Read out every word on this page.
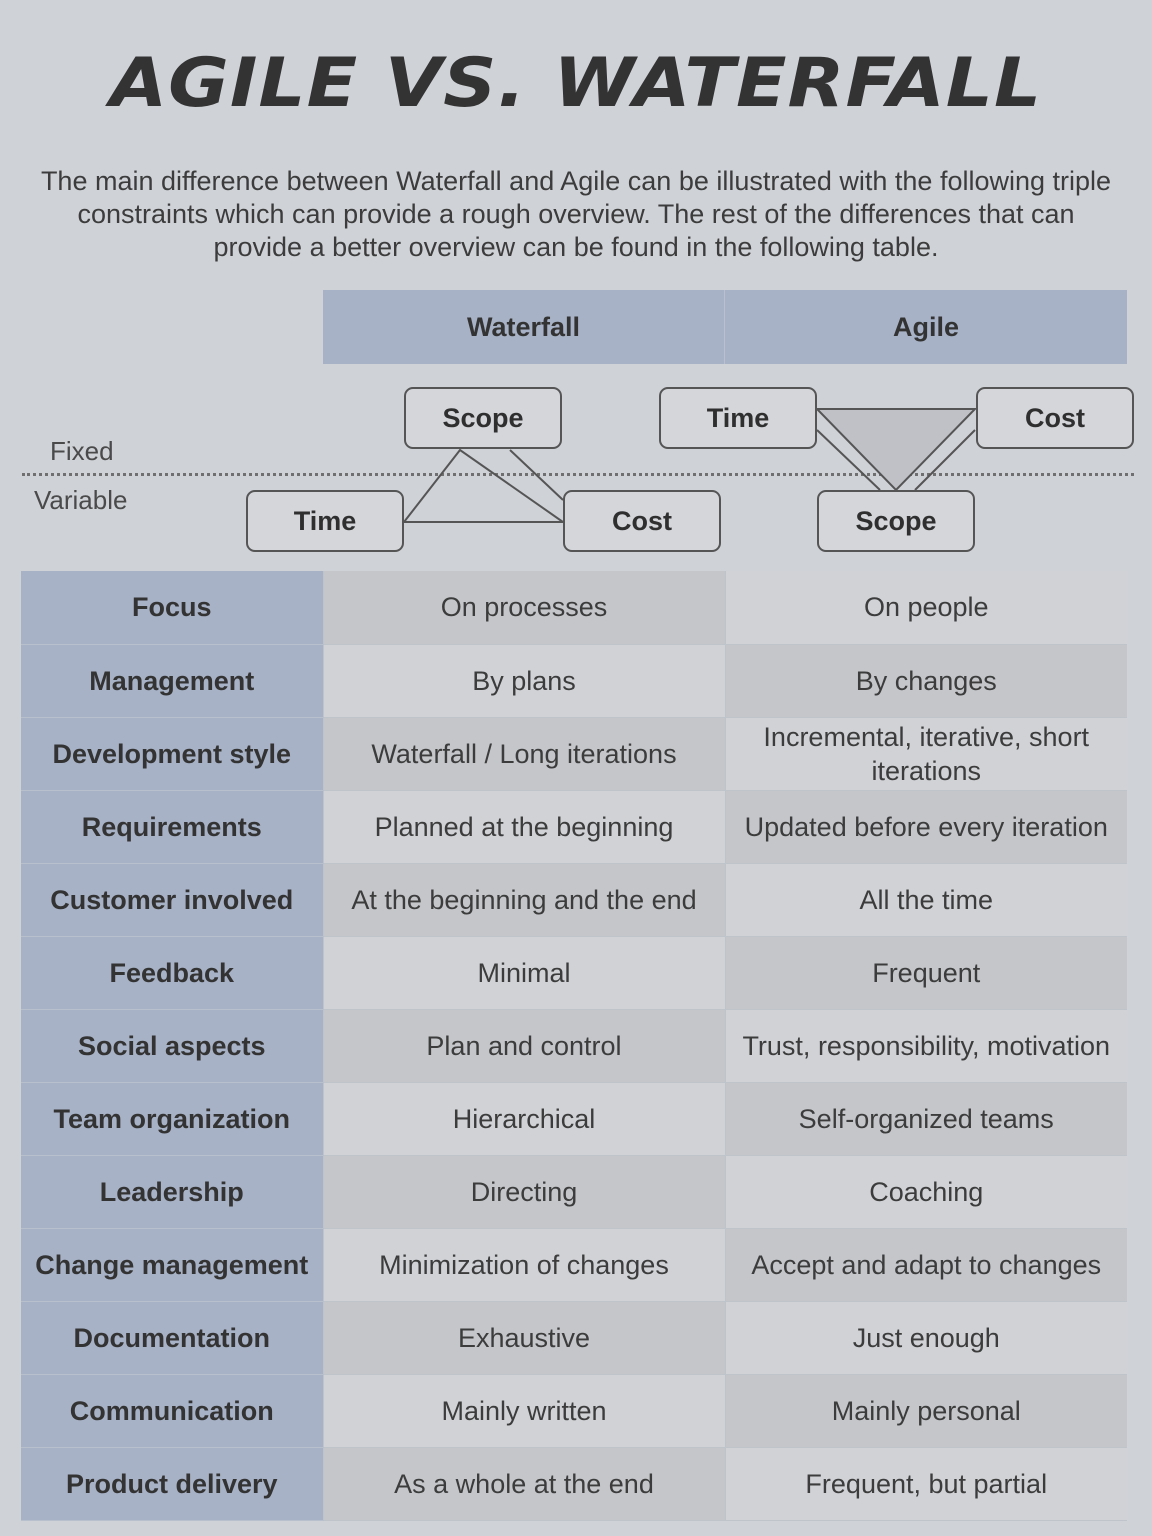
AGILE VS. WATERFALL
The main difference between Waterfall and Agile can be illustrated with the following triple constraints which can provide a rough overview. The rest of the differences that can provide a better overview can be found in the following table.
Waterfall	Agile
Fixed
Variable
Scope
Time	Cost
Time	Cost
Scope
Focus	On processes	On people
Management	By plans	By changes
Development style	Waterfall / Long iterations	Incremental, iterative, short iterations
Requirements	Planned at the beginning	Updated before every iteration
Customer involved	At the beginning and the end	All the time
Feedback	Minimal	Frequent
Social aspects	Plan and control	Trust, responsibility, motivation
Team organization	Hierarchical	Self-organized teams
Leadership	Directing	Coaching
Change management	Minimization of changes	Accept and adapt to changes
Documentation	Exhaustive	Just enough
Communication	Mainly written	Mainly personal
Product delivery	As a whole at the end	Frequent, but partial
